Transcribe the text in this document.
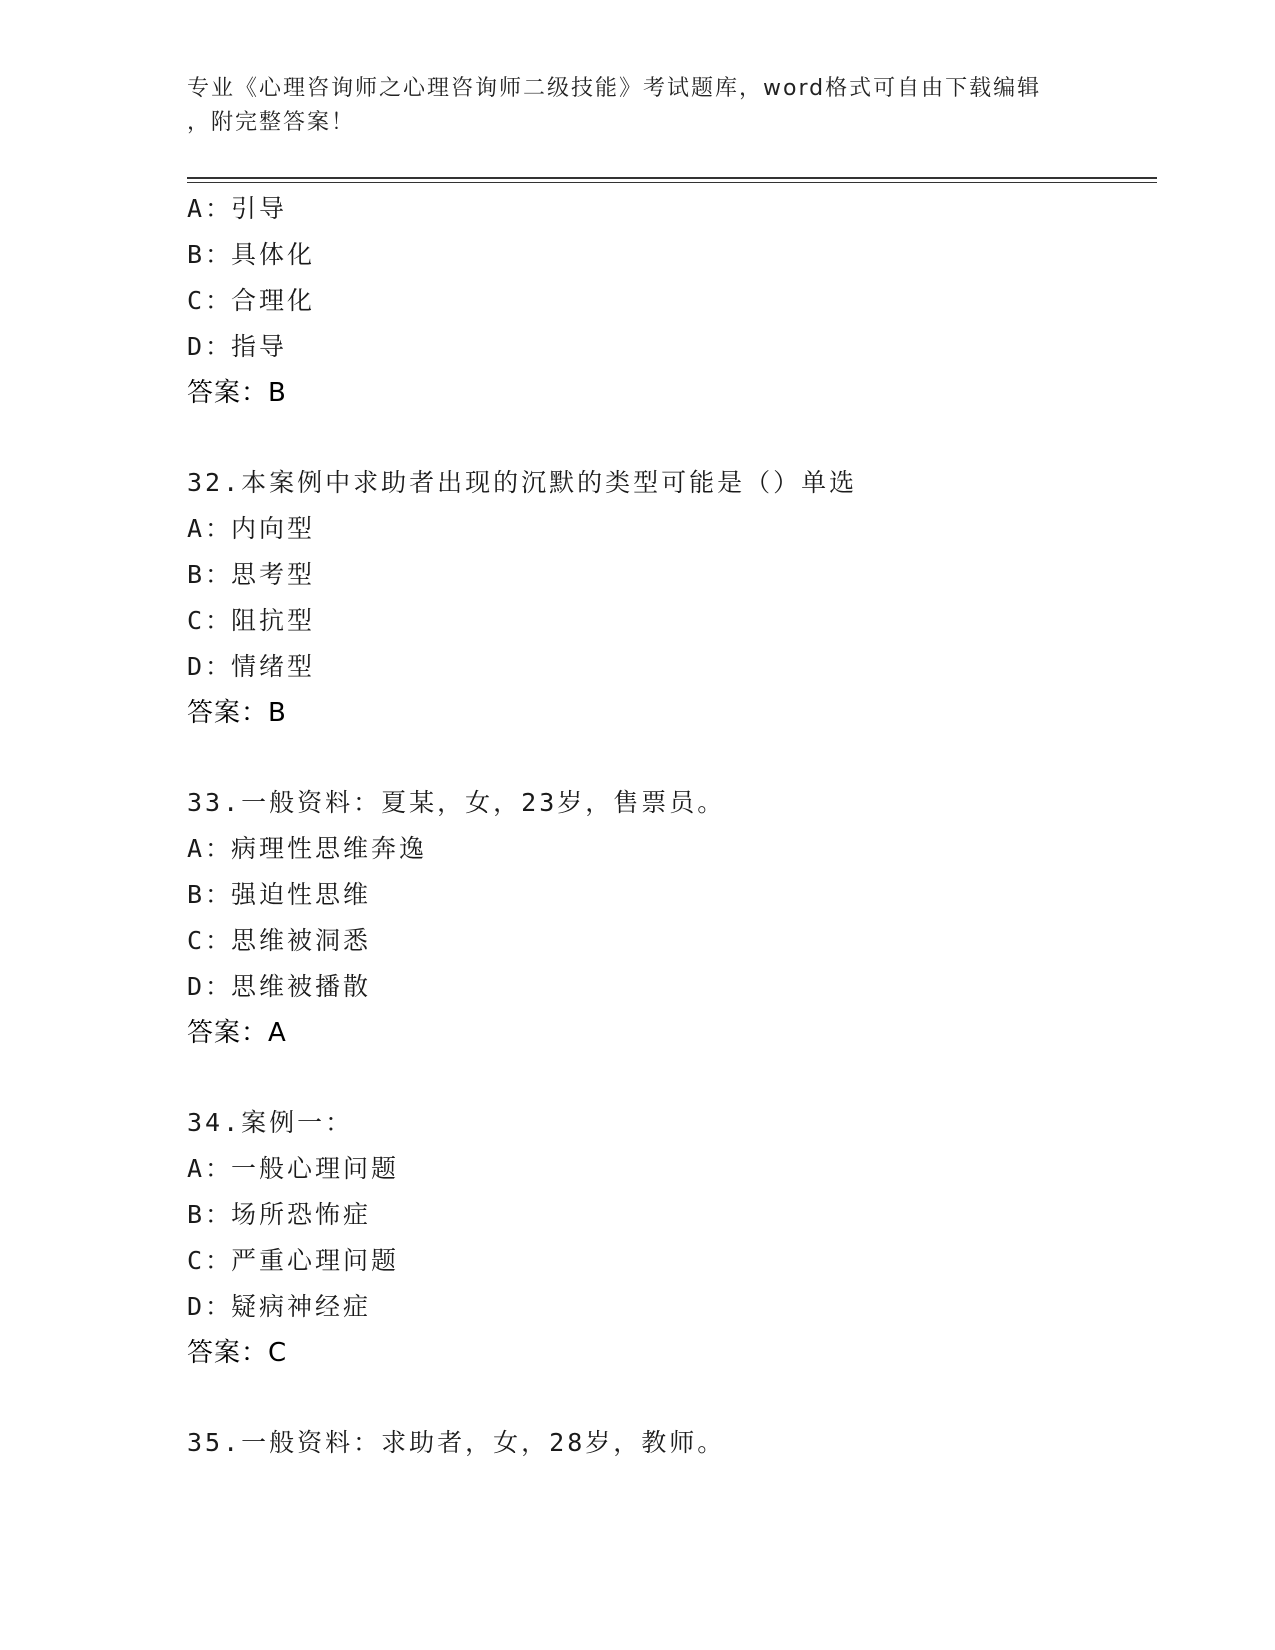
专业《心理咨询师之心理咨询师二级技能》考试题库，word格式可自由下载编辑
，附完整答案！
A：引导
B：具体化
C：合理化
D：指导
答案：B
32.本案例中求助者出现的沉默的类型可能是（）单选
A：内向型
B：思考型
C：阻抗型
D：情绪型
答案：B
33.一般资料：夏某，女，23岁，售票员。
A：病理性思维奔逸
B：强迫性思维
C：思维被洞悉
D：思维被播散
答案：A
34.案例一：
A：一般心理问题
B：场所恐怖症
C：严重心理问题
D：疑病神经症
答案：C
35.一般资料：求助者，女，28岁，教师。
